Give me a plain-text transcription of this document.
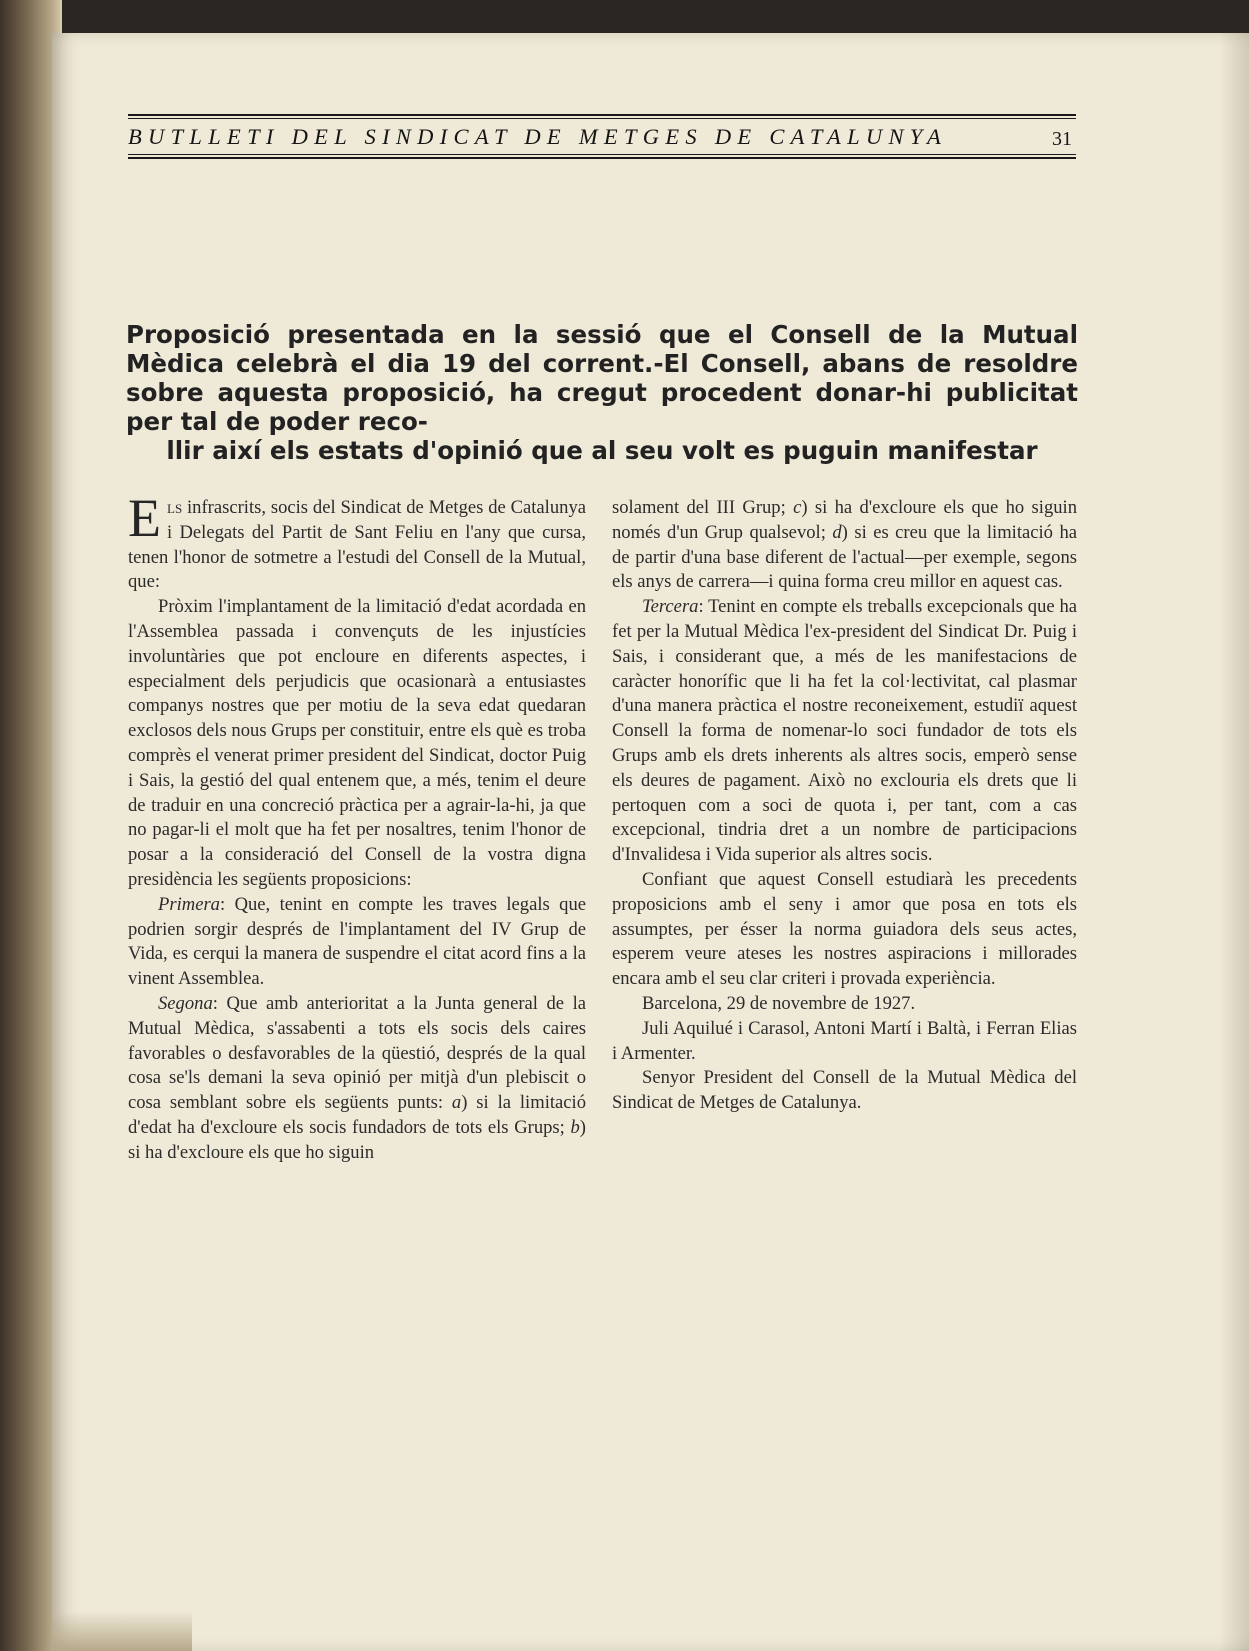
BUTLLETI DEL SINDICAT DE METGES DE CATALUNYA	31
Proposició presentada en la sessió que el Consell de la Mutual Mèdica celebrà el dia 19 del corrent.-El Consell, abans de resoldre sobre aquesta proposició, ha cregut procedent donar-hi publicitat per tal de poder reco-
llir així els estats d'opinió que al seu volt es puguin manifestar

Els infrascrits, socis del Sindicat de Metges de Catalunya i Delegats del Partit de Sant Feliu en l'any que cursa, tenen l'honor de sotmetre a l'estudi del Consell de la Mutual, que:

Pròxim l'implantament de la limitació d'edat acordada en l'Assemblea passada i convençuts de les injustícies involuntàries que pot encloure en diferents aspectes, i especialment dels perjudicis que ocasionarà a entusiastes companys nostres que per motiu de la seva edat quedaran exclosos dels nous Grups per constituir, entre els què es troba comprès el venerat primer president del Sindicat, doctor Puig i Sais, la gestió del qual entenem que, a més, tenim el deure de traduir en una concreció pràctica per a agrair-la-hi, ja que no pagar-li el molt que ha fet per nosaltres, tenim l'honor de posar a la consideració del Consell de la vostra digna presidència les següents proposicions:

Primera: Que, tenint en compte les traves legals que podrien sorgir després de l'implantament del IV Grup de Vida, es cerqui la manera de suspendre el citat acord fins a la vinent Assemblea.

Segona: Que amb anterioritat a la Junta general de la Mutual Mèdica, s'assabenti a tots els socis dels caires favorables o desfavorables de la qüestió, després de la qual cosa se'ls demani la seva opinió per mitjà d'un plebiscit o cosa semblant sobre els següents punts: a) si la limitació d'edat ha d'excloure els socis fundadors de tots els Grups; b) si ha d'excloure els que ho siguin

solament del III Grup; c) si ha d'excloure els que ho siguin només d'un Grup qualsevol; d) si es creu que la limitació ha de partir d'una base diferent de l'actual—per exemple, segons els anys de carrera—i quina forma creu millor en aquest cas.

Tercera: Tenint en compte els treballs excepcionals que ha fet per la Mutual Mèdica l'ex-president del Sindicat Dr. Puig i Sais, i considerant que, a més de les manifestacions de caràcter honorífic que li ha fet la col·lectivitat, cal plasmar d'una manera pràctica el nostre reconeixement, estudiï aquest Consell la forma de nomenar-lo soci fundador de tots els Grups amb els drets inherents als altres socis, emperò sense els deures de pagament. Això no exclouria els drets que li pertoquen com a soci de quota i, per tant, com a cas excepcional, tindria dret a un nombre de participacions d'Invalidesa i Vida superior als altres socis.

Confiant que aquest Consell estudiarà les precedents proposicions amb el seny i amor que posa en tots els assumptes, per ésser la norma guiadora dels seus actes, esperem veure ateses les nostres aspiracions i millorades encara amb el seu clar criteri i provada experiència.

Barcelona, 29 de novembre de 1927.

Juli Aquilué i Carasol, Antoni Martí i Baltà, i Ferran Elias i Armenter.

Senyor President del Consell de la Mutual Mèdica del Sindicat de Metges de Catalunya.
